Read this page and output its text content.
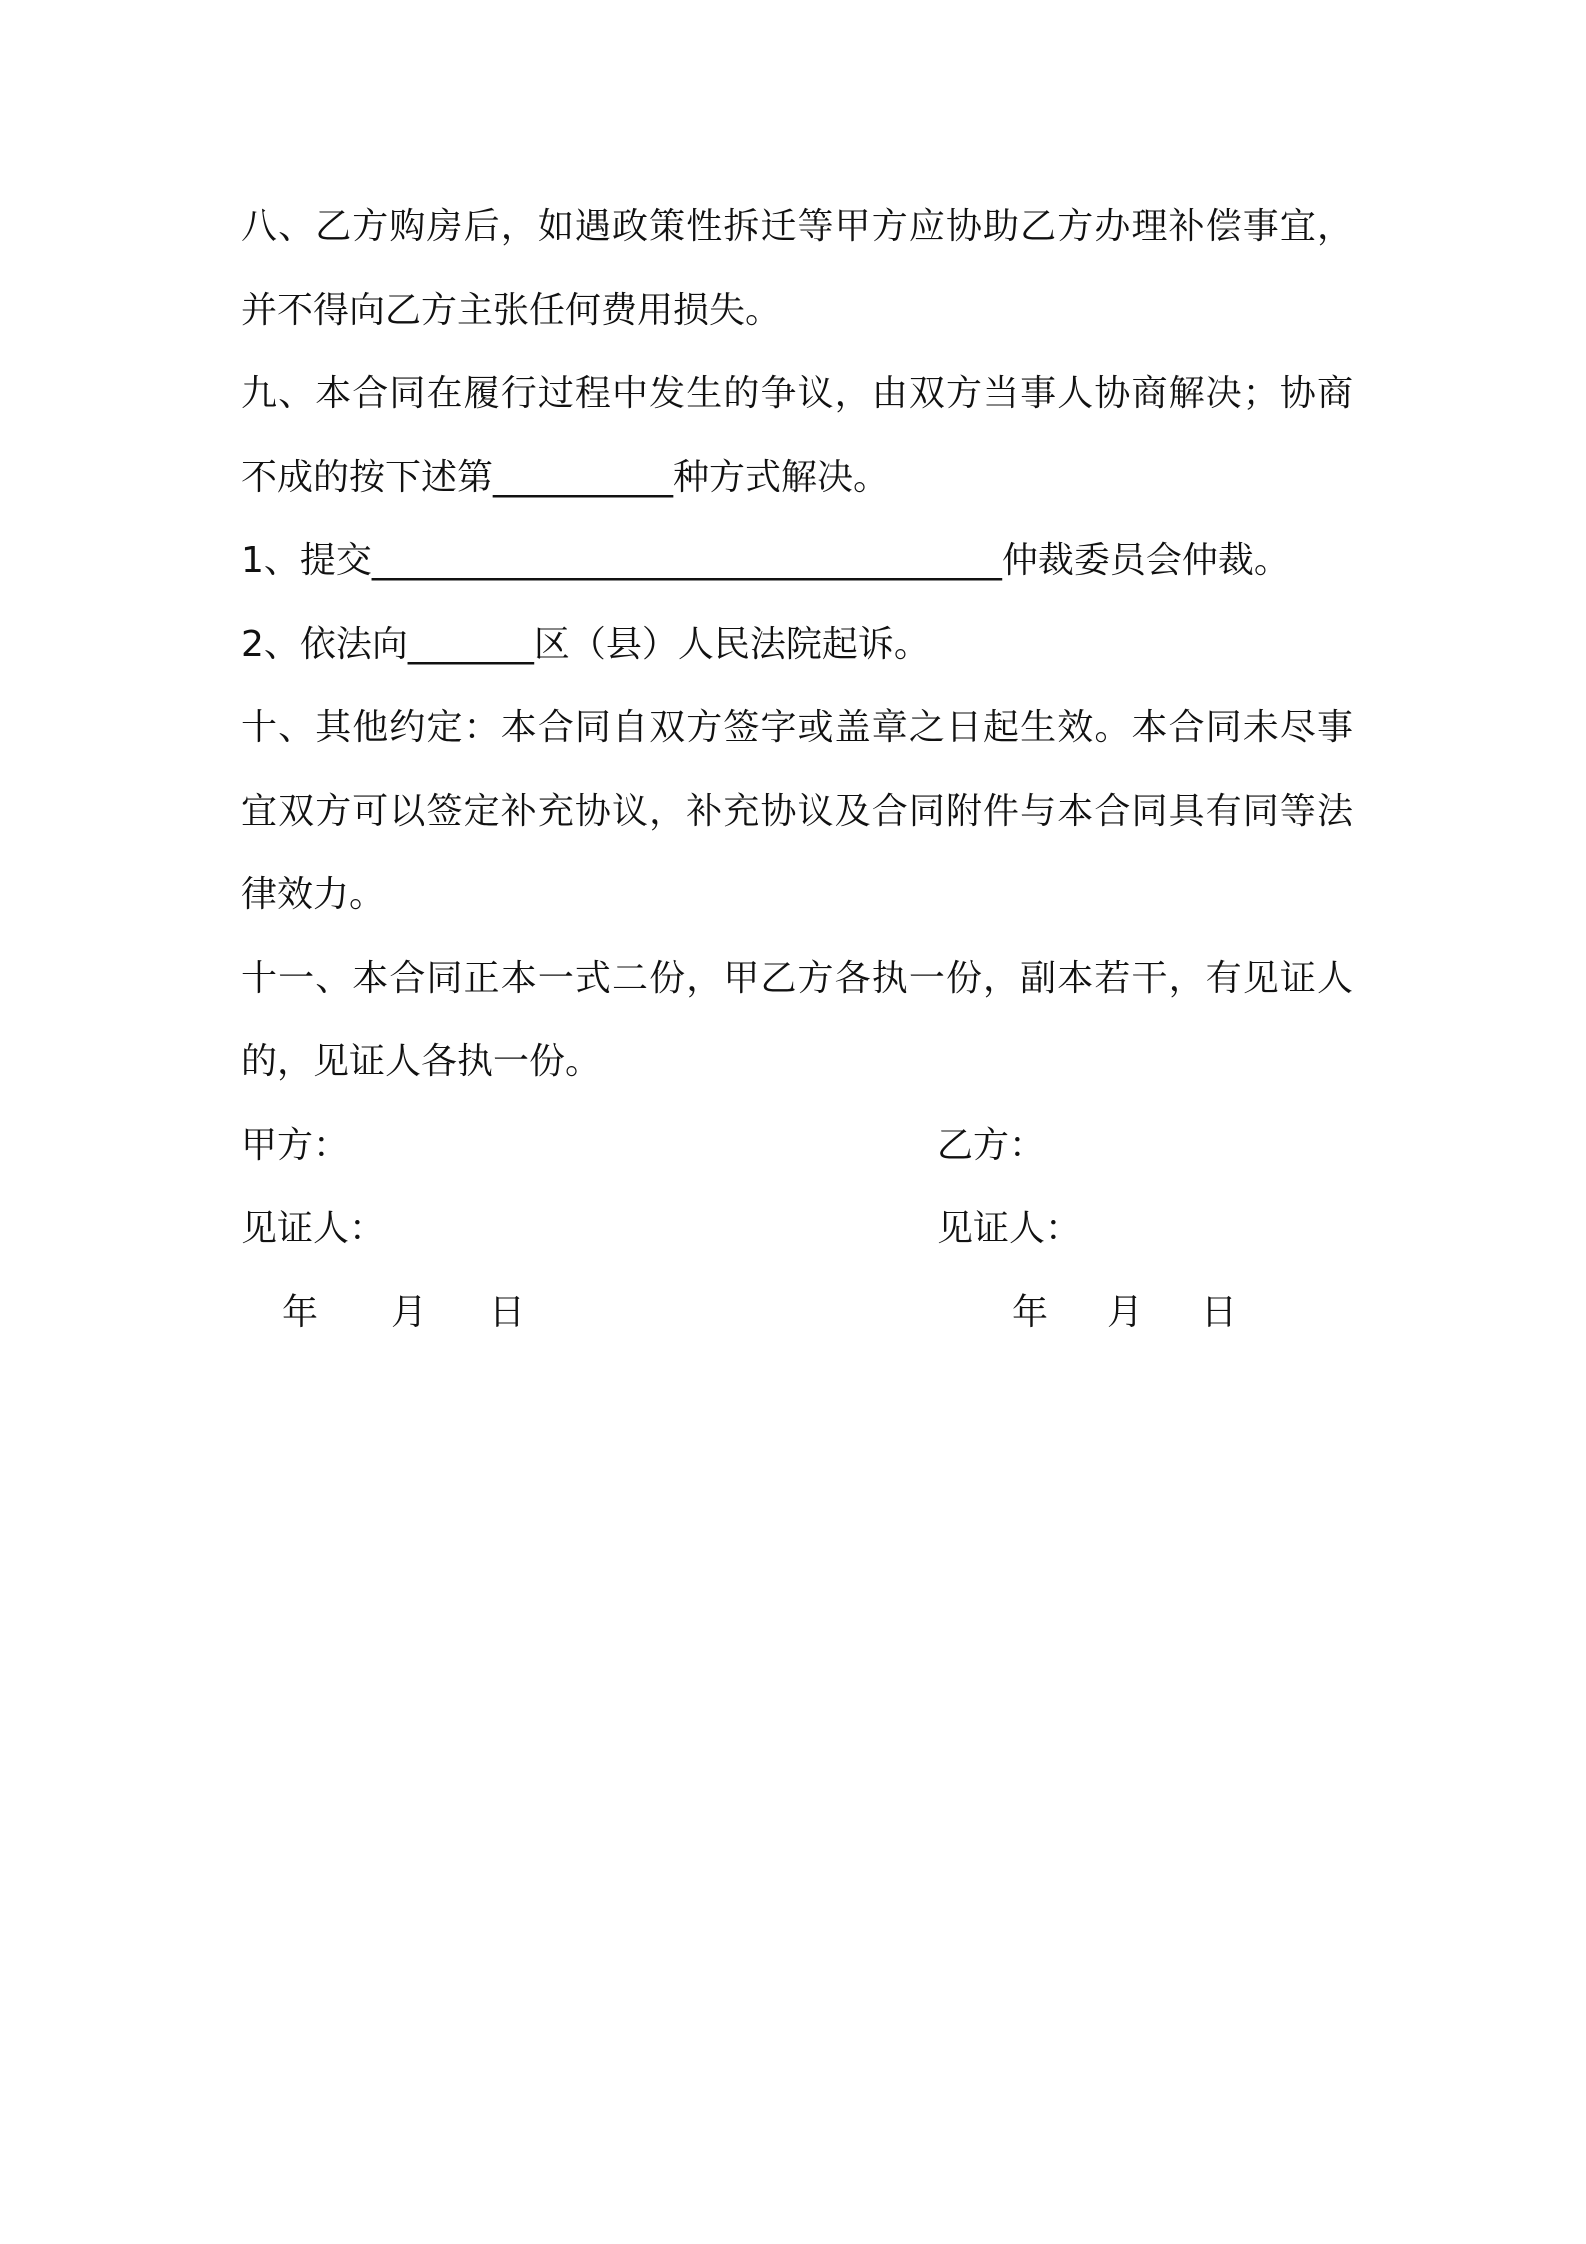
八、乙方购房后，如遇政策性拆迁等甲方应协助乙方办理补偿事宜，
并不得向乙方主张任何费用损失。
九、本合同在履行过程中发生的争议，由双方当事人协商解决；协商
不成的按下述第__________种方式解决。
1、提交___________________________________仲裁委员会仲裁。
2、依法向_______区（县）人民法院起诉。
十、其他约定：本合同自双方签字或盖章之日起生效。本合同未尽事
宜双方可以签定补充协议，补充协议及合同附件与本合同具有同等法
律效力。
十一、本合同正本一式二份，甲乙方各执一份，副本若干，有见证人
的，见证人各执一份。
甲方：	乙方：
见证人：	见证人：
年 月 日	年 月 日
